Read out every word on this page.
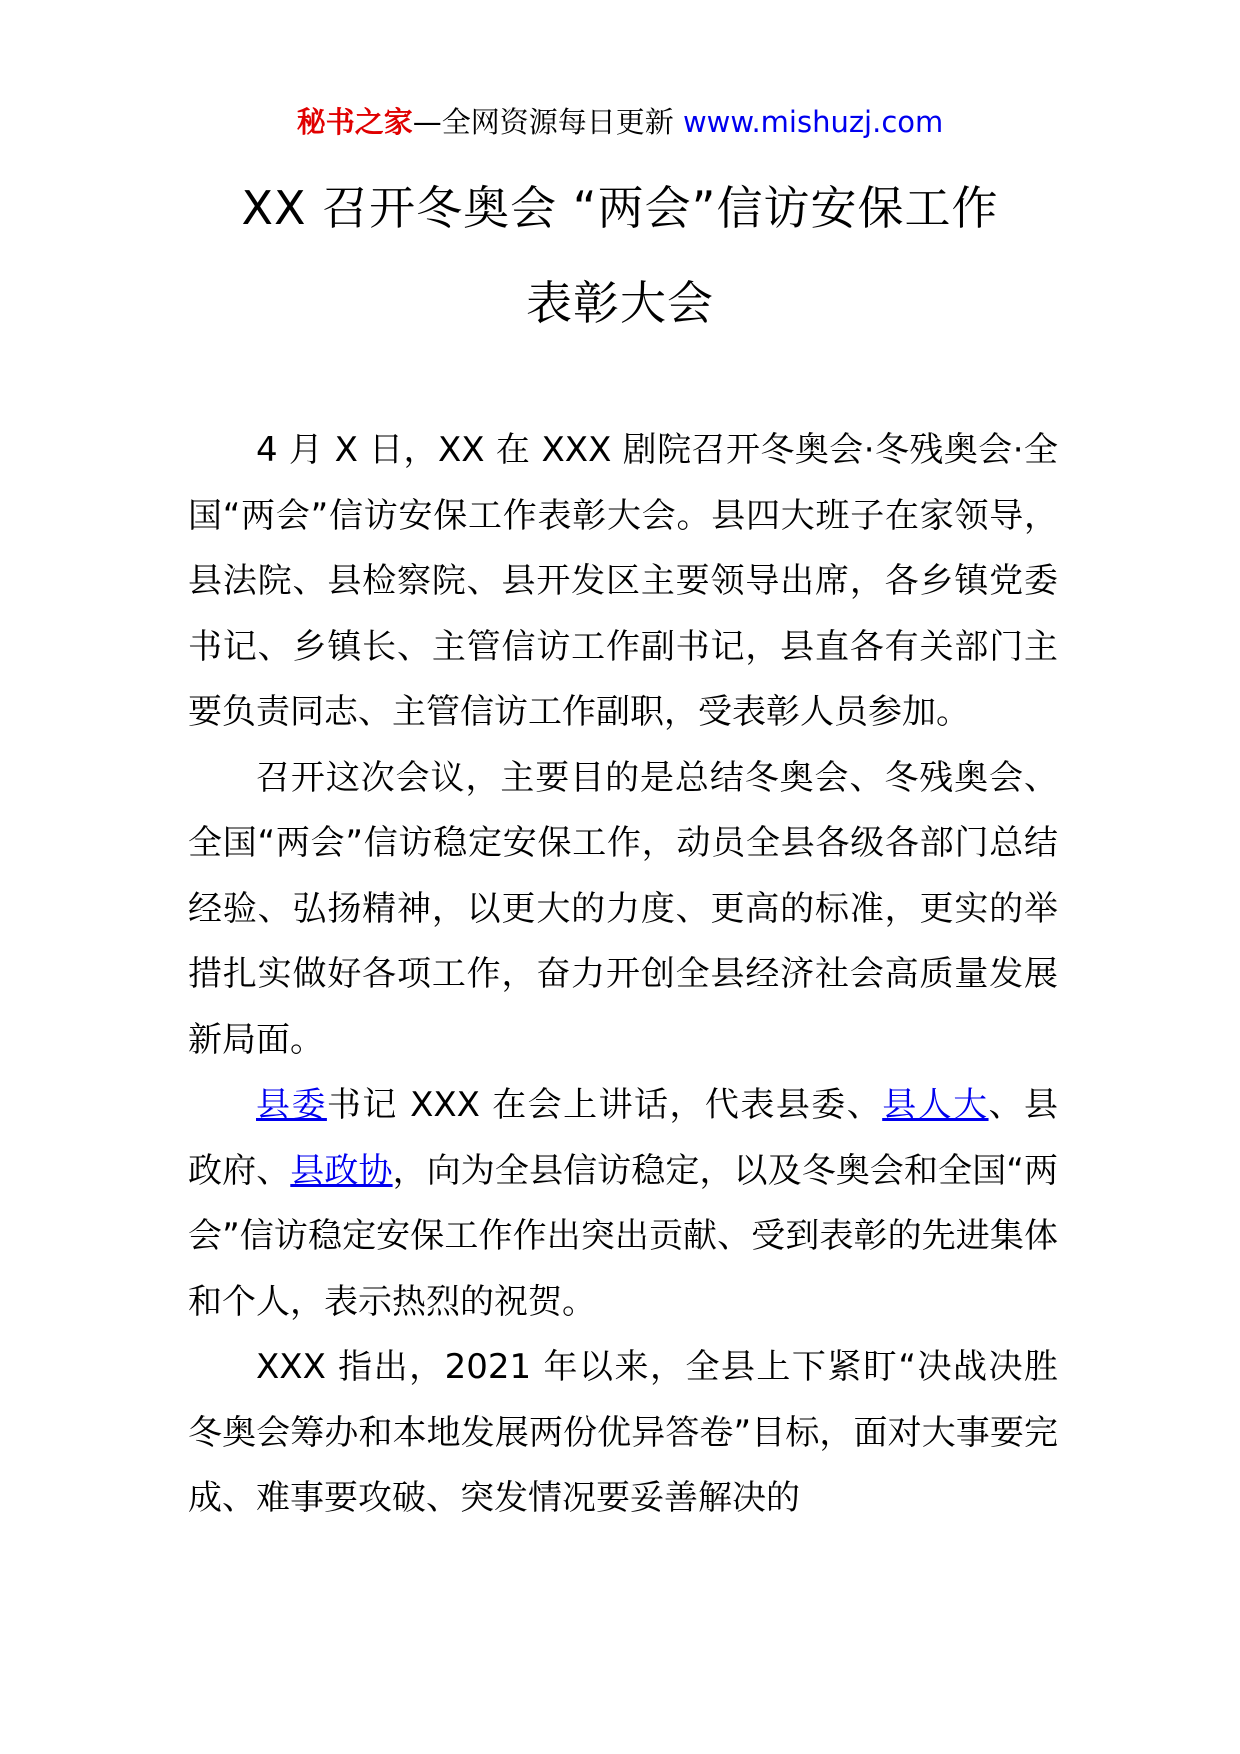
秘书之家—全网资源每日更新 www.mishuzj.com
XX 召开冬奥会 “两会”信访安保工作
表彰大会

4 月 X 日，XX 在 XXX 剧院召开冬奥会·冬残奥会·全国“两会”信访安保工作表彰大会。县四大班子在家领导，县法院、县检察院、县开发区主要领导出席，各乡镇党委书记、乡镇长、主管信访工作副书记，县直各有关部门主要负责同志、主管信访工作副职，受表彰人员参加。

召开这次会议，主要目的是总结冬奥会、冬残奥会、全国“两会”信访稳定安保工作，动员全县各级各部门总结经验、弘扬精神，以更大的力度、更高的标准，更实的举措扎实做好各项工作，奋力开创全县经济社会高质量发展新局面。

县委书记 XXX 在会上讲话，代表县委、县人大、县政府、县政协，向为全县信访稳定，以及冬奥会和全国“两会”信访稳定安保工作作出突出贡献、受到表彰的先进集体和个人，表示热烈的祝贺。

XXX 指出，2021 年以来，全县上下紧盯“决战决胜冬奥会筹办和本地发展两份优异答卷”目标，面对大事要完成、难事要攻破、突发情况要妥善解决的
